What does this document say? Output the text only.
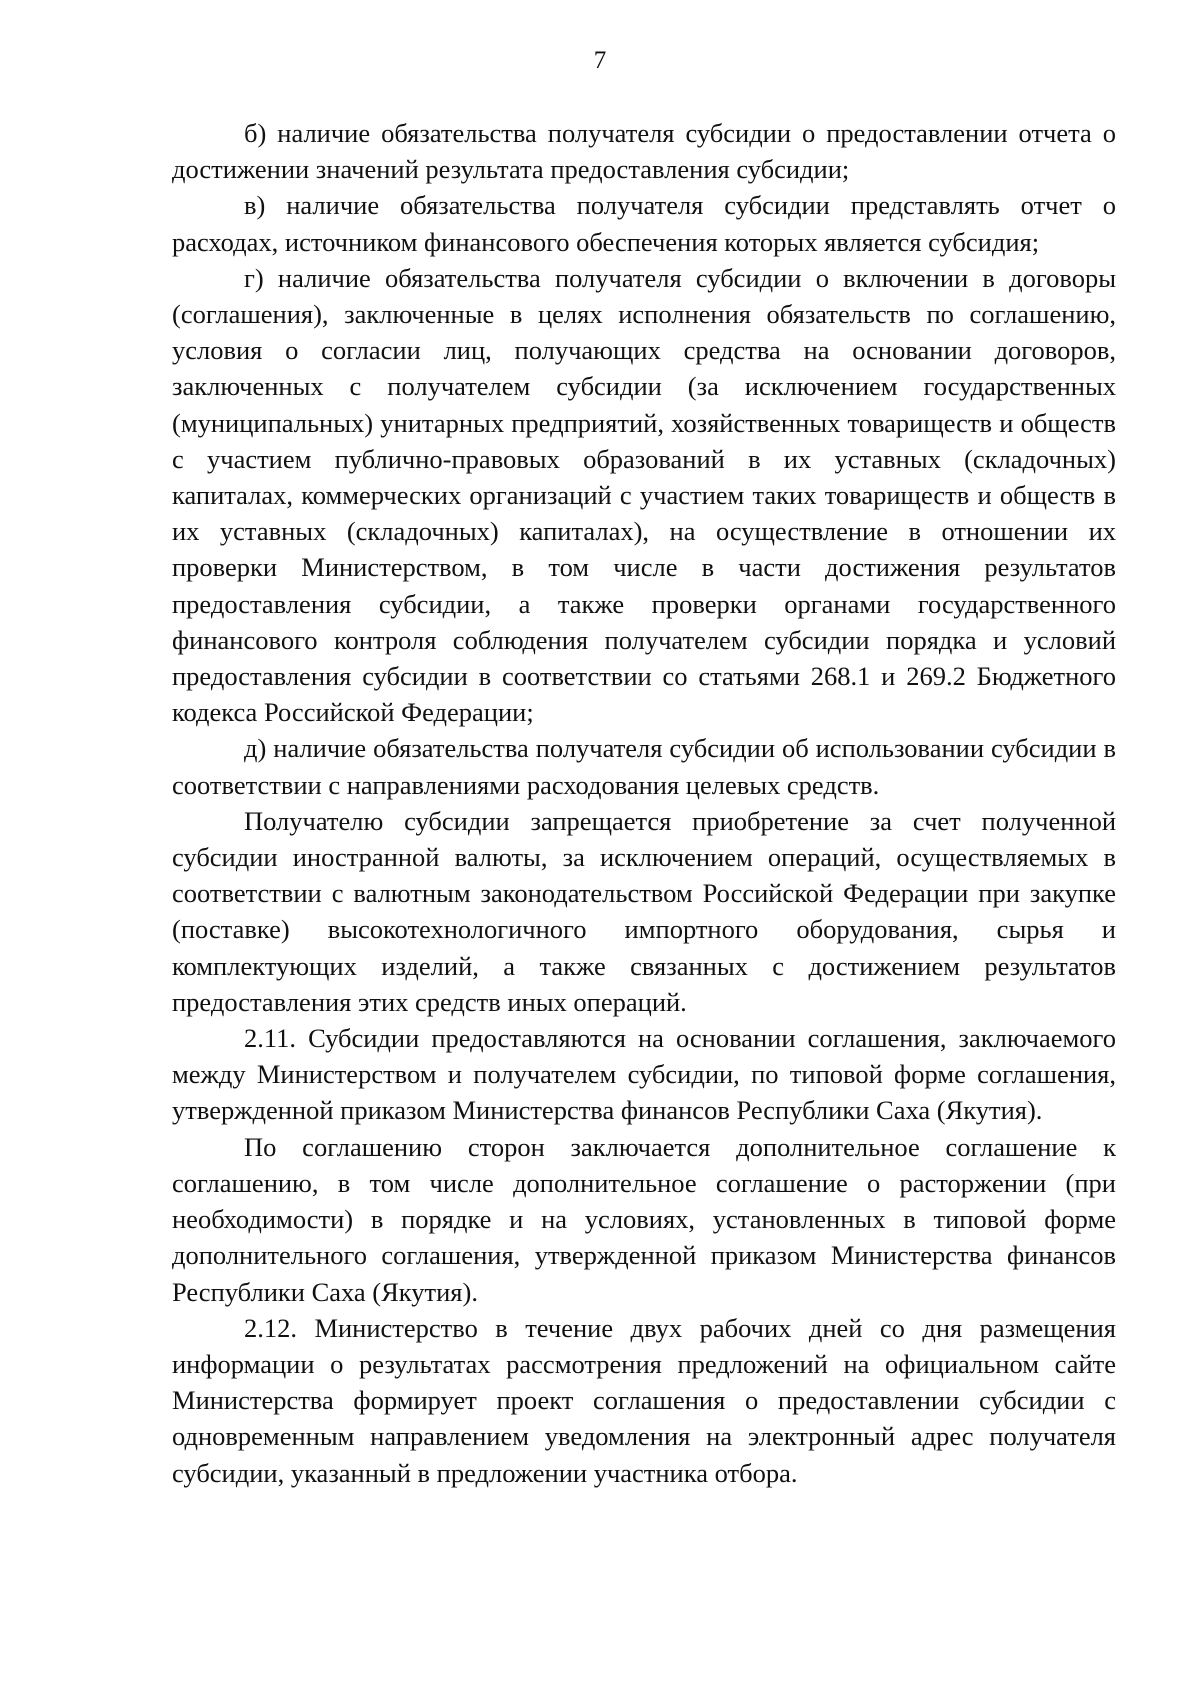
7

б) наличие обязательства получателя субсидии о предоставлении отчета о достижении значений результата предоставления субсидии;

в) наличие обязательства получателя субсидии представлять отчет о расходах, источником финансового обеспечения которых является субсидия;

г) наличие обязательства получателя субсидии о включении в договоры (соглашения), заключенные в целях исполнения обязательств по соглашению, условия о согласии лиц, получающих средства на основании договоров, заключенных с получателем субсидии (за исключением государственных (муниципальных) унитарных предприятий, хозяйственных товариществ и обществ с участием публично-правовых образований в их уставных (складочных) капиталах, коммерческих организаций с участием таких товариществ и обществ в их уставных (складочных) капиталах), на осуществление в отношении их проверки Министерством, в том числе в части достижения результатов предоставления субсидии, а также проверки органами государственного финансового контроля соблюдения получателем субсидии порядка и условий предоставления субсидии в соответствии со статьями 268.1 и 269.2 Бюджетного кодекса Российской Федерации;

д) наличие обязательства получателя субсидии об использовании субсидии в соответствии с направлениями расходования целевых средств.

Получателю субсидии запрещается приобретение за счет полученной субсидии иностранной валюты, за исключением операций, осуществляемых в соответствии с валютным законодательством Российской Федерации при закупке (поставке) высокотехнологичного импортного оборудования, сырья и комплектующих изделий, а также связанных с достижением результатов предоставления этих средств иных операций.

2.11. Субсидии предоставляются на основании соглашения, заключаемого между Министерством и получателем субсидии, по типовой форме соглашения, утвержденной приказом Министерства финансов Республики Саха (Якутия).

По соглашению сторон заключается дополнительное соглашение к соглашению, в том числе дополнительное соглашение о расторжении (при необходимости) в порядке и на условиях, установленных в типовой форме дополнительного соглашения, утвержденной приказом Министерства финансов Республики Саха (Якутия).

2.12. Министерство в течение двух рабочих дней со дня размещения информации о результатах рассмотрения предложений на официальном сайте Министерства формирует проект соглашения о предоставлении субсидии с одновременным направлением уведомления на электронный адрес получателя субсидии, указанный в предложении участника отбора.
